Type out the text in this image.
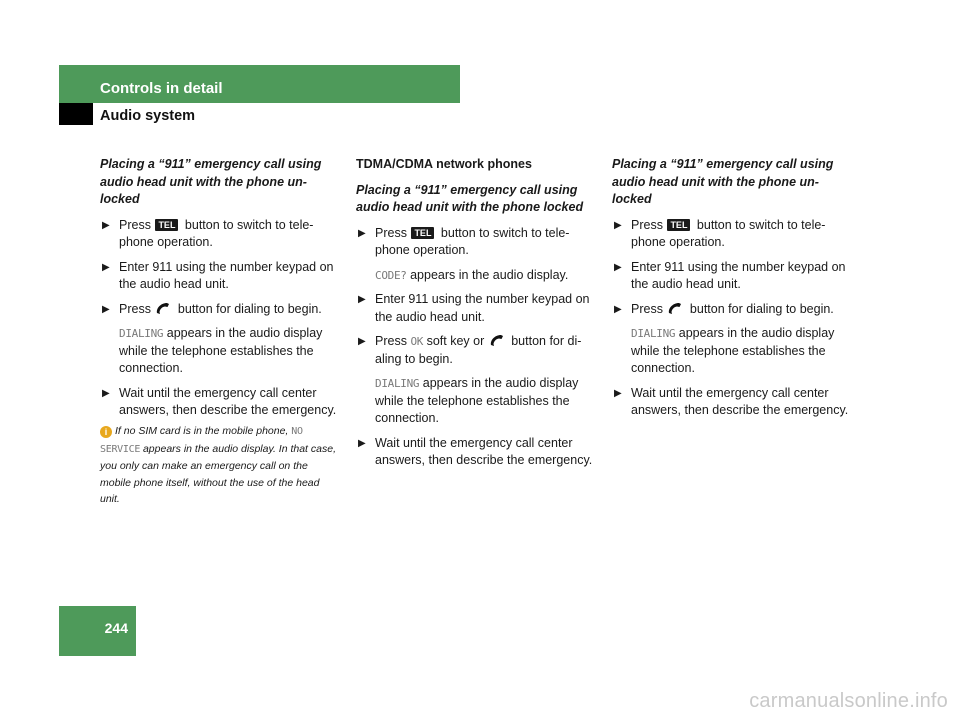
Controls in detail
Audio system

Placing a “911” emergency call using audio head unit with the phone un-locked

▶ Press TEL button to switch to tele-phone operation.
▶ Enter 911 using the number keypad on the audio head unit.
▶ Press button for dialing to begin.
DIALING appears in the audio display while the telephone establishes the connection.
▶ Wait until the emergency call center answers, then describe the emergency.
i If no SIM card is in the mobile phone, NO SERVICE appears in the audio display. In that case, you only can make an emergency call on the mobile phone itself, without the use of the head unit.

TDMA/CDMA network phones

Placing a “911” emergency call using audio head unit with the phone locked

▶ Press TEL button to switch to tele-phone operation.
CODE? appears in the audio display.
▶ Enter 911 using the number keypad on the audio head unit.
▶ Press OK soft key or button for di-aling to begin.
DIALING appears in the audio display while the telephone establishes the connection.
▶ Wait until the emergency call center answers, then describe the emergency.

Placing a “911” emergency call using audio head unit with the phone un-locked

▶ Press TEL button to switch to tele-phone operation.
▶ Enter 911 using the number keypad on the audio head unit.
▶ Press button for dialing to begin.
DIALING appears in the audio display while the telephone establishes the connection.
▶ Wait until the emergency call center answers, then describe the emergency.
244
carmanualsonline.info
